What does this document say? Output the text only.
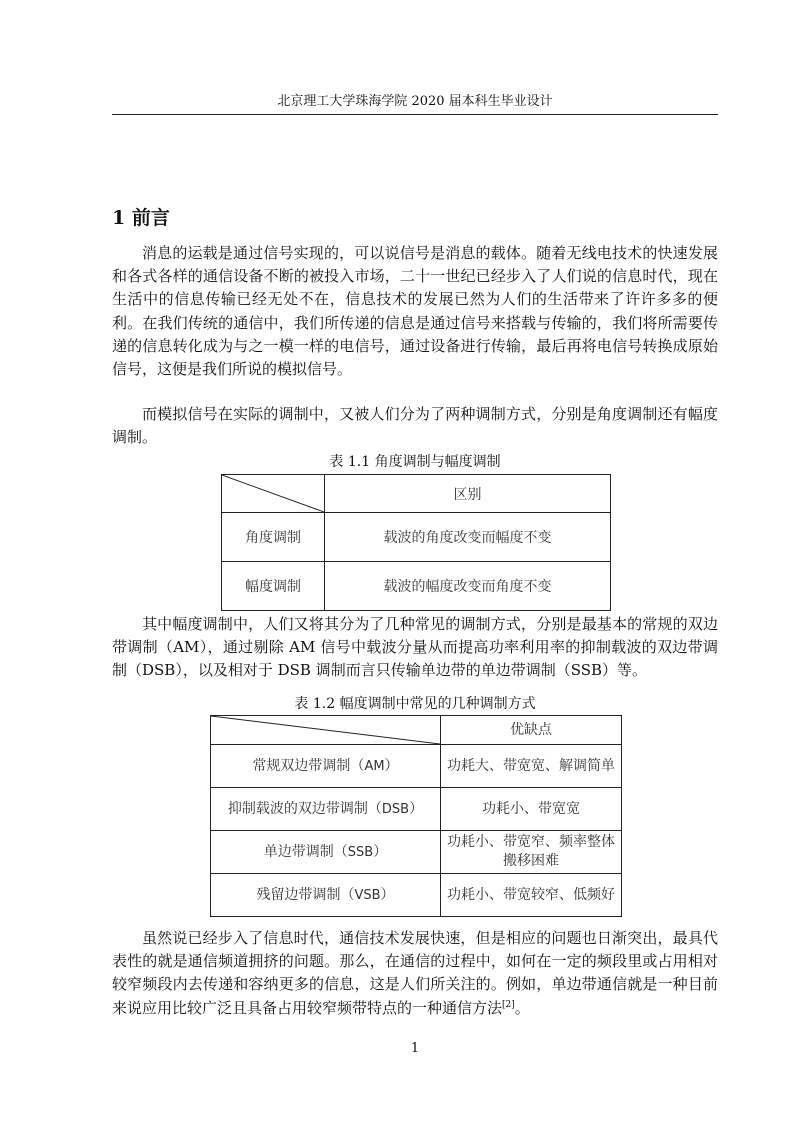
北京理工大学珠海学院 2020 届本科生毕业设计
1 前言

消息的运载是通过信号实现的，可以说信号是消息的载体。随着无线电技术的快速发展和各式各样的通信设备不断的被投入市场，二十一世纪已经步入了人们说的信息时代，现在生活中的信息传输已经无处不在，信息技术的发展已然为人们的生活带来了许许多多的便利。在我们传统的通信中，我们所传递的信息是通过信号来搭载与传输的，我们将所需要传递的信息转化成为与之一模一样的电信号，通过设备进行传输，最后再将电信号转换成原始信号，这便是我们所说的模拟信号。

而模拟信号在实际的调制中，又被人们分为了两种调制方式，分别是角度调制还有幅度调制。

表 1.1 角度调制与幅度调制
	区别
角度调制	载波的角度改变而幅度不变
幅度调制	载波的幅度改变而角度不变

其中幅度调制中，人们又将其分为了几种常见的调制方式，分别是最基本的常规的双边带调制（AM），通过剔除 AM 信号中载波分量从而提高功率利用率的抑制载波的双边带调制（DSB），以及相对于 DSB 调制而言只传输单边带的单边带调制（SSB）等。

表 1.2 幅度调制中常见的几种调制方式
	优缺点
常规双边带调制（AM）	功耗大、带宽宽、解调简单
抑制载波的双边带调制（DSB）	功耗小、带宽宽
单边带调制（SSB）	功耗小、带宽窄、频率整体搬移困难
残留边带调制（VSB）	功耗小、带宽较窄、低频好

虽然说已经步入了信息时代，通信技术发展快速，但是相应的问题也日渐突出，最具代表性的就是通信频道拥挤的问题。那么，在通信的过程中，如何在一定的频段里或占用相对较窄频段内去传递和容纳更多的信息，这是人们所关注的。例如，单边带通信就是一种目前来说应用比较广泛且具备占用较窄频带特点的一种通信方法[2]。

1
